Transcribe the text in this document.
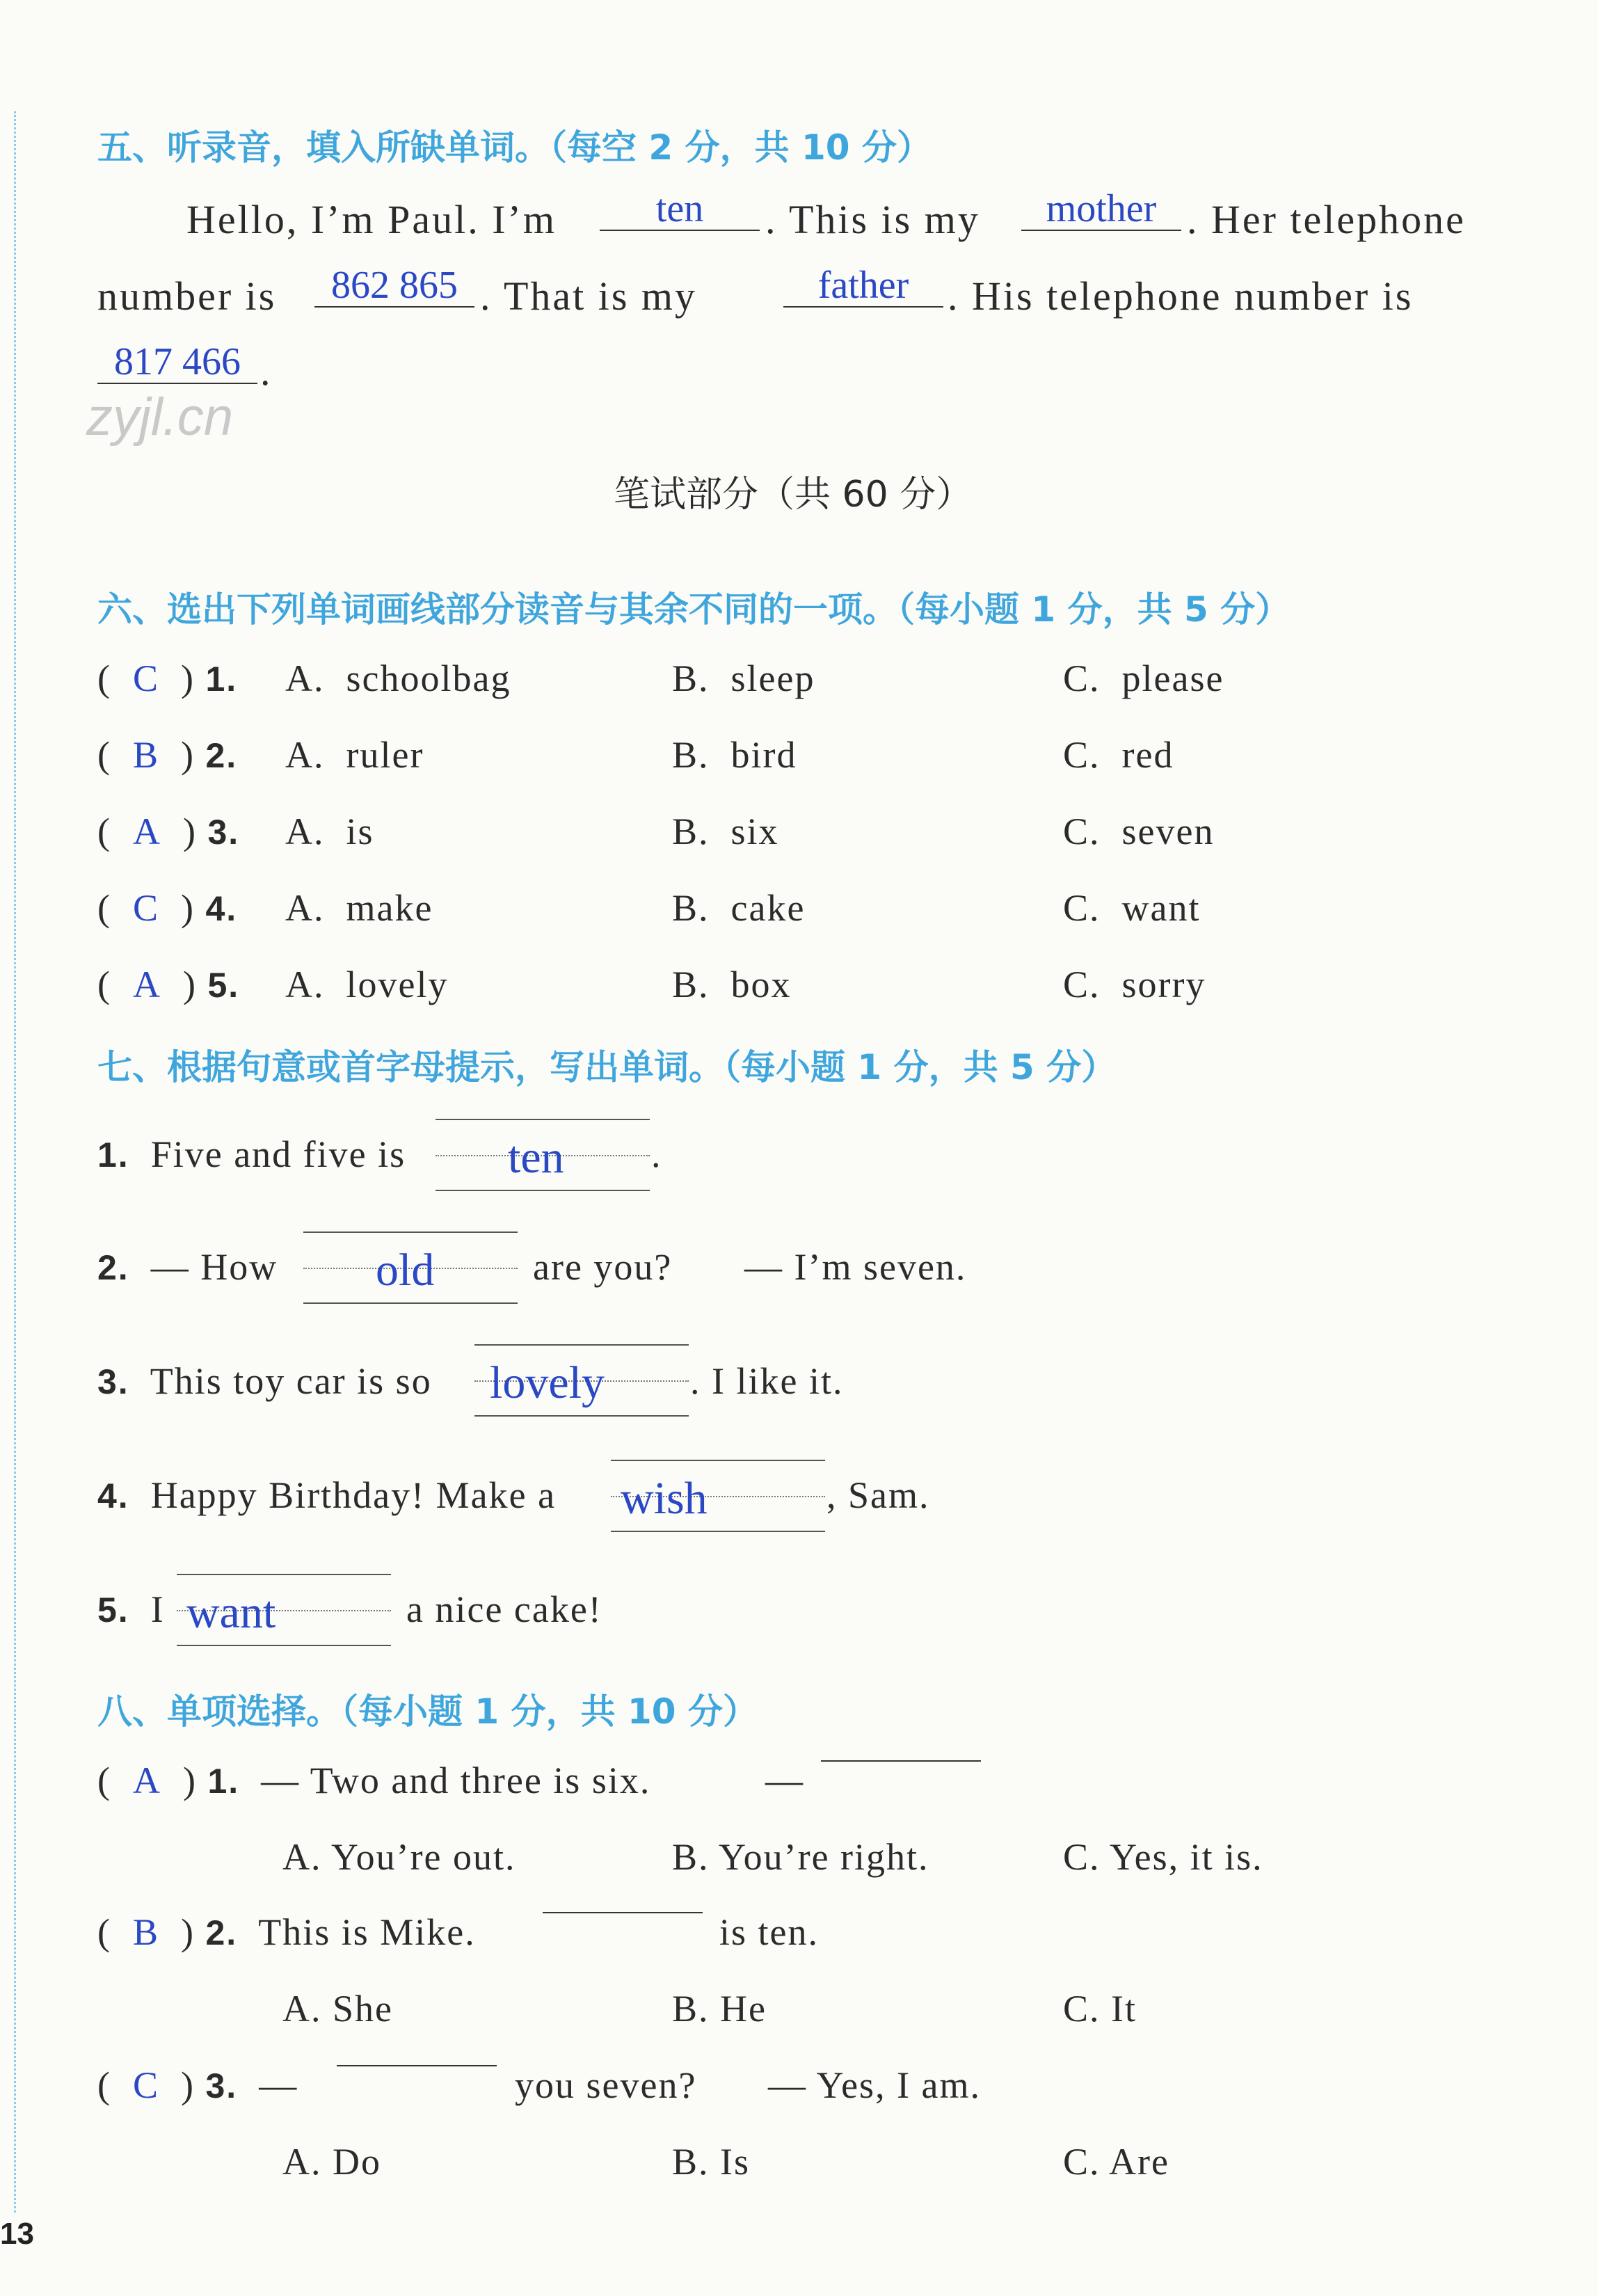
五、听录音，填入所缺单词。（每空 2 分，共 10 分）
Hello, I’m Paul. I’m	ten	. This is my	mother . Her telephone
number is	862 865 . That is my	father . His telephone number is
817 466 .
zyjl.cn
笔试部分（共 60 分）
六、选出下列单词画线部分读音与其余不同的一项。（每小题 1 分，共 5 分）
( C ) 1. A. schoolbag	B. sleep	C. please
( B ) 2. A. ruler	B. bird	C. red
( A ) 3. A. is	B. six	C. seven
( C ) 4. A. make	B. cake	C. want
( A ) 5. A. lovely	B. box	C. sorry
七、根据句意或首字母提示，写出单词。（每小题 1 分，共 5 分）
1. Five and five is ten .
2. — How old	are you? — I’m seven.
3. This toy car is so lovely . I like it.
4. Happy Birthday! Make a wish	, Sam.
5. I want	a nice cake!
八、单项选择。（每小题 1 分，共 10 分）
( A ) 1. — Two and three is six.	—
A. You’re out.	B. You’re right.	C. Yes, it is.
( B ) 2. This is Mike.	is ten.
A. She	B. He	C. It
( C ) 3. —	you seven? — Yes, I am.
A. Do	B. Is	C. Are
13
